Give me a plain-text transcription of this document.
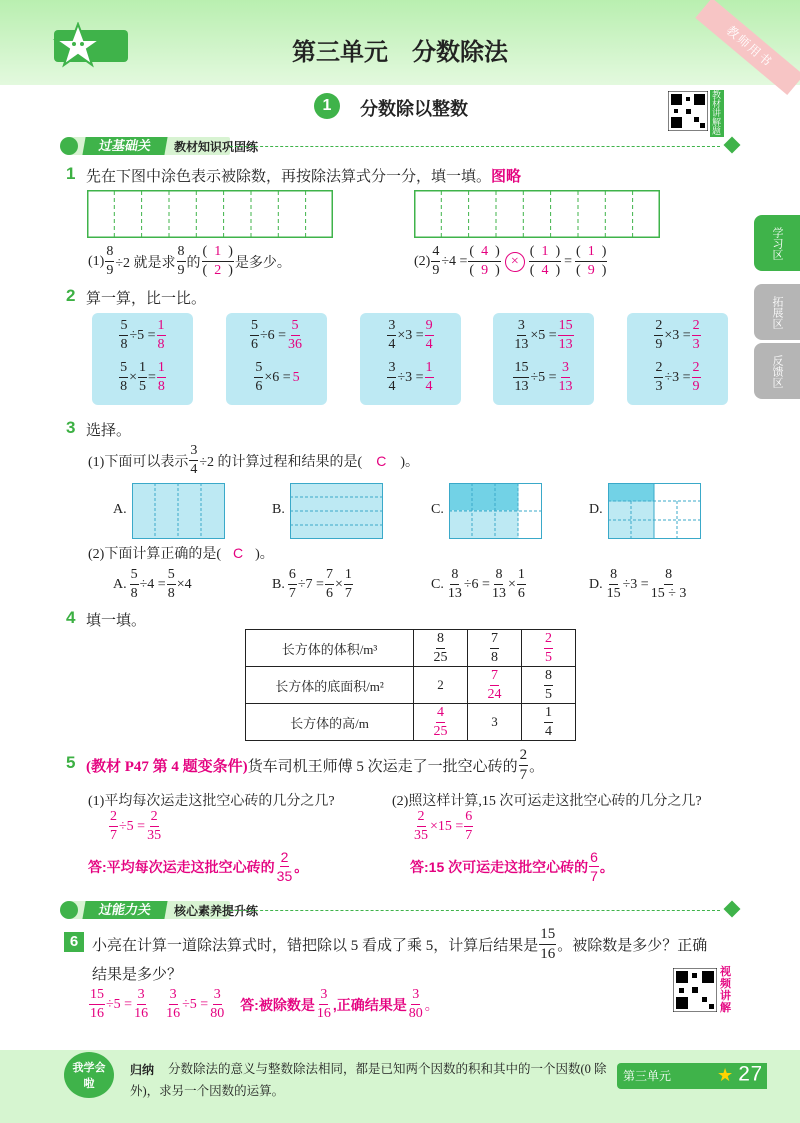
第三单元　分数除法	教师用书
1	分数除以整数
教材讲解题
学习区
拓展区
反馈区
过基础关	教材知识巩固练
1 先在下图中涂色表示被除数，再按除法算式分一分，填一填。图略
$(1) \frac{8}{9} \div 2$ 就是求 $\frac{8}{9}$ 的 $\frac{( 1 )}{( 2 )}$ 是多少。	$(2) \frac{4}{9} \div 4 = \frac{( 4 )}{( 9 )} \times \frac{( 1 )}{( 4 )} = \frac{( 1 )}{( 9 )}$
2 算一算，比一比。
$\frac{5}{8} \div 5 = \frac{1}{8}$
$\frac{5}{8} \times \frac{1}{5} = \frac{1}{8}$
$\frac{5}{6} \div 6 = \frac{5}{36}$
$\frac{5}{6} \times 6 = 5$
$\frac{3}{4} \times 3 = \frac{9}{4}$
$\frac{3}{4} \div 3 = \frac{1}{4}$
$\frac{3}{13} \times 5 = \frac{15}{13}$
$\frac{15}{13} \div 5 = \frac{3}{13}$
$\frac{2}{9} \times 3 = \frac{2}{3}$
$\frac{2}{3} \div 3 = \frac{2}{9}$
3 选择。
(1)下面可以表示 $\frac{3}{4} \div 2$ 的计算过程和结果的是( C )。
A.	B.	C.	D.
(2)下面计算正确的是( C )。
A. $\frac{5}{8} \div 4 = \frac{5}{8} \times 4$	B. $\frac{6}{7} \div 7 = \frac{7}{6} \times \frac{1}{7}$	C. $\frac{8}{13} \div 6 = \frac{8}{13} \times \frac{1}{6}$	D. $\frac{8}{15} \div 3 = \frac{8}{15 \div 3}$
4 填一填。
长方体的体积/m³	$\frac{8}{25}$	$\frac{7}{8}$	$\frac{2}{5}$

长方体的底面积/m²	2	$\frac{7}{24}$	$\frac{8}{5}$

长方体的高/m	$\frac{4}{25}$	3	$\frac{1}{4}$
5 (教材 P47 第 4 题变条件) 货车司机王师傅 5 次运走了一批空心砖的 $\frac{2}{7}$ 。
(1)平均每次运走这批空心砖的几分之几?	(2)照这样计算,15 次可运走这批空心砖的几分之几?
$\frac{2}{7} \div 5 = \frac{2}{35}$	$\frac{2}{35} \times 15 = \frac{6}{7}$
答:平均每次运走这批空心砖的 $\frac{2}{35}$ 。	答:15 次可运走这批空心砖的 $\frac{6}{7}$ 。
过能力关	核心素养提升练
6 小亮在计算一道除法算式时，错把除以 5 看成了乘 5，计算后结果是 $\frac{15}{16}$ 。被除数是多少？正确
结果是多少？
$\frac{15}{16} \div 5 = \frac{3}{16} \frac{3}{16} \div 5 = \frac{3}{80}$ 答:被除数是 $\frac{3}{16}$ ,正确结果是 $\frac{3}{80}$ 。
视频讲解
我学会啦
归纳	分数除法的意义与整数除法相同，都是已知两个因数的积和其中的一个因数(0 除外)，求另一个因数的运算。
第三单元	★ 27
